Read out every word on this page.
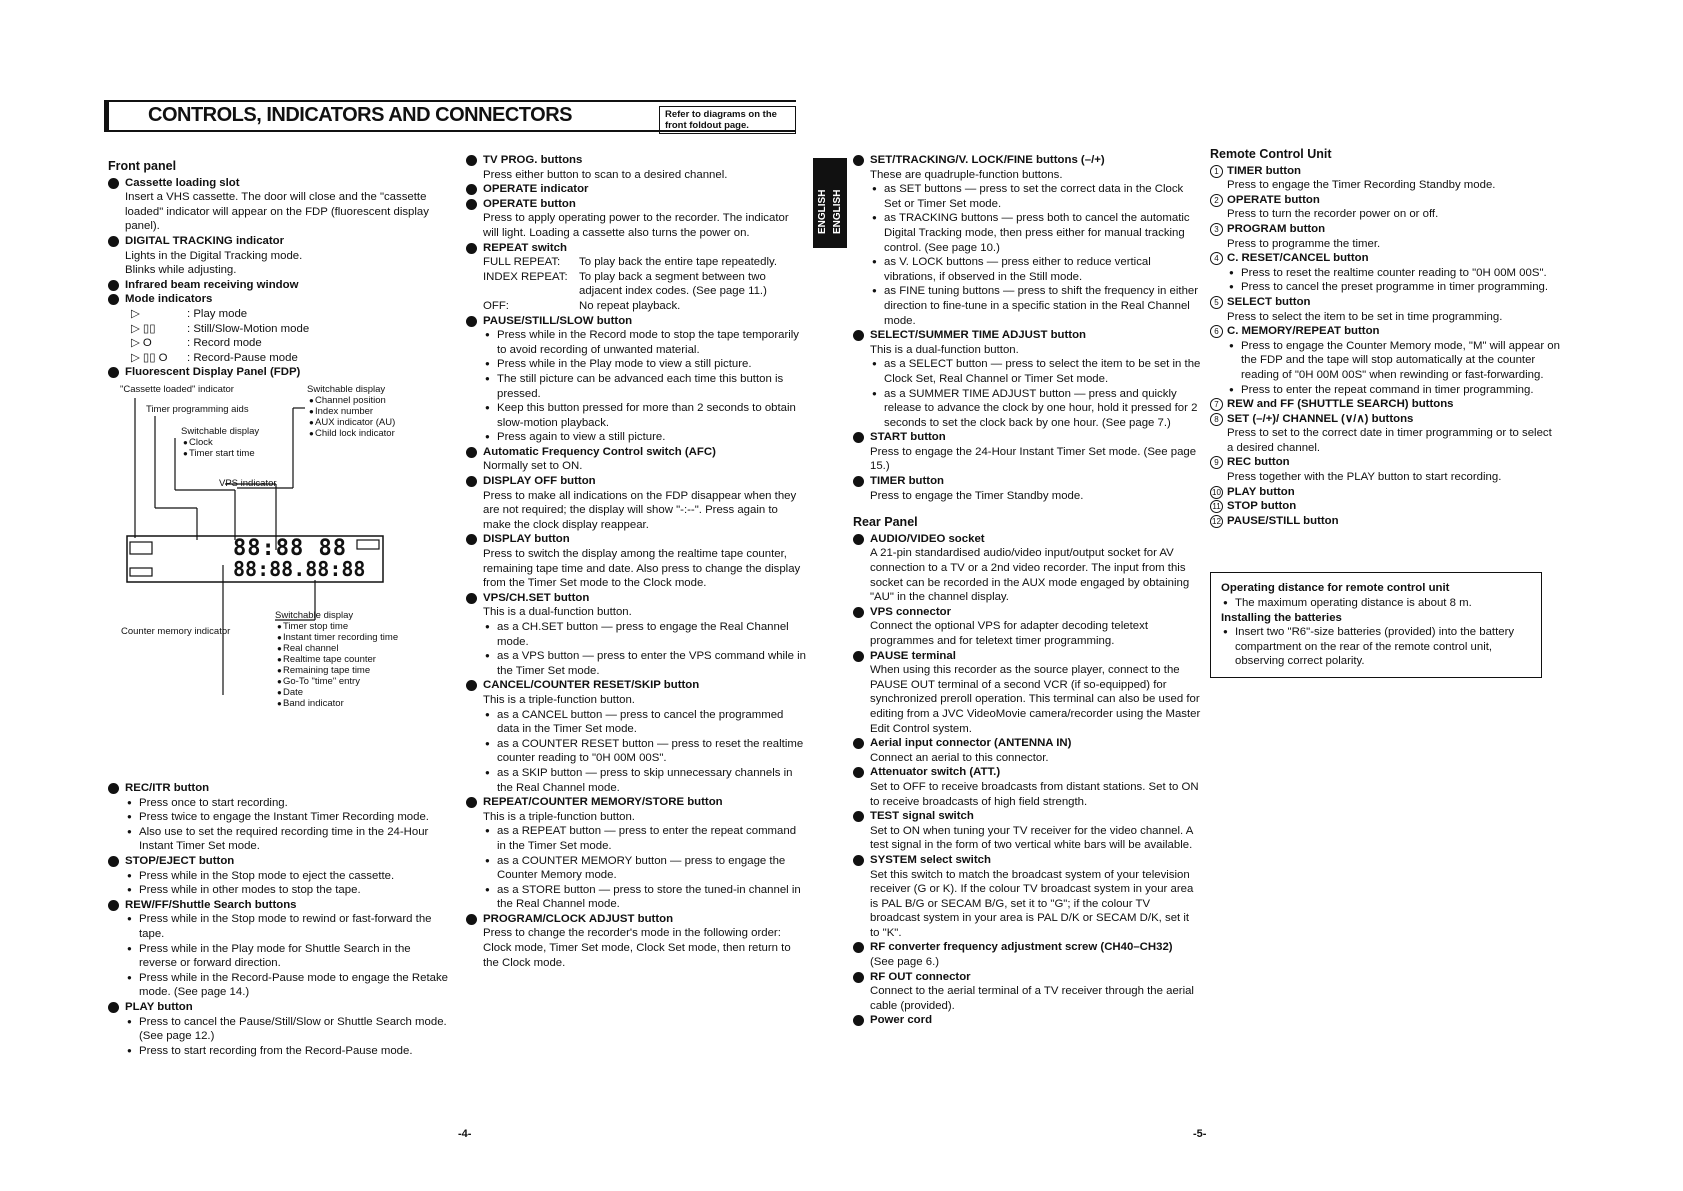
CONTROLS, INDICATORS AND CONNECTORS	Refer to diagrams on the front foldout page.
Front panel
Cassette loading slot
Insert a VHS cassette. The door will close and the "cassette loaded" indicator will appear on the FDP (fluorescent display panel).
DIGITAL TRACKING indicator
Lights in the Digital Tracking mode.
Blinks while adjusting.
Infrared beam receiving window
Mode indicators
▷	: Play mode
▷ ▯▯	: Still/Slow-Motion mode
▷ O	: Record mode
▷ ▯▯ O	: Record-Pause mode
Fluorescent Display Panel (FDP)
"Cassette loaded" indicator
Timer programming aids
Switchable display
● Channel position
● Index number
● AUX indicator (AU)
● Child lock indicator
Switchable display
● Clock
● Timer start time
VPS indicator
88:88 88
88:88.88:88
Counter memory indicator
Switchable display
● Timer stop time
● Instant timer recording time
● Real channel
● Realtime tape counter
● Remaining tape time
● Go-To "time" entry
● Date
● Band indicator
REC/ITR button
● Press once to start recording.
● Press twice to engage the Instant Timer Recording mode.
● Also use to set the required recording time in the 24-Hour Instant Timer Set mode.
STOP/EJECT button
● Press while in the Stop mode to eject the cassette.
● Press while in other modes to stop the tape.
REW/FF/Shuttle Search buttons
● Press while in the Stop mode to rewind or fast-forward the tape.
● Press while in the Play mode for Shuttle Search in the reverse or forward direction.
● Press while in the Record-Pause mode to engage the Retake mode. (See page 14.)
PLAY button
● Press to cancel the Pause/Still/Slow or Shuttle Search mode. (See page 12.)
● Press to start recording from the Record-Pause mode.
TV PROG. buttons
Press either button to scan to a desired channel.
OPERATE indicator
OPERATE button
Press to apply operating power to the recorder. The indicator will light. Loading a cassette also turns the power on.
REPEAT switch
FULL REPEAT:	To play back the entire tape repeatedly.
INDEX REPEAT:	To play back a segment between two adjacent index codes. (See page 11.)
OFF:	No repeat playback.
PAUSE/STILL/SLOW button
● Press while in the Record mode to stop the tape temporarily to avoid recording of unwanted material.
● Press while in the Play mode to view a still picture.
● The still picture can be advanced each time this button is pressed.
● Keep this button pressed for more than 2 seconds to obtain slow-motion playback.
● Press again to view a still picture.
Automatic Frequency Control switch (AFC)
Normally set to ON.
DISPLAY OFF button
Press to make all indications on the FDP disappear when they are not required; the display will show "-:--". Press again to make the clock display reappear.
DISPLAY button
Press to switch the display among the realtime tape counter, remaining tape time and date. Also press to change the display from the Timer Set mode to the Clock mode.
VPS/CH.SET button
This is a dual-function button.
● as a CH.SET button — press to engage the Real Channel mode.
● as a VPS button — press to enter the VPS command while in the Timer Set mode.
CANCEL/COUNTER RESET/SKIP button
This is a triple-function button.
● as a CANCEL button — press to cancel the programmed data in the Timer Set mode.
● as a COUNTER RESET button — press to reset the realtime counter reading to "0H 00M 00S".
● as a SKIP button — press to skip unnecessary channels in the Real Channel mode.
REPEAT/COUNTER MEMORY/STORE button
This is a triple-function button.
● as a REPEAT button — press to enter the repeat command in the Timer Set mode.
● as a COUNTER MEMORY button — press to engage the Counter Memory mode.
● as a STORE button — press to store the tuned-in channel in the Real Channel mode.
PROGRAM/CLOCK ADJUST button
Press to change the recorder's mode in the following order: Clock mode, Timer Set mode, Clock Set mode, then return to the Clock mode.
ENGLISH ENGLISH
SET/TRACKING/V. LOCK/FINE buttons (–/+)
These are quadruple-function buttons.
● as SET buttons — press to set the correct data in the Clock Set or Timer Set mode.
● as TRACKING buttons — press both to cancel the automatic Digital Tracking mode, then press either for manual tracking control. (See page 10.)
● as V. LOCK buttons — press either to reduce vertical vibrations, if observed in the Still mode.
● as FINE tuning buttons — press to shift the frequency in either direction to fine-tune in a specific station in the Real Channel mode.
SELECT/SUMMER TIME ADJUST button
This is a dual-function button.
● as a SELECT button — press to select the item to be set in the Clock Set, Real Channel or Timer Set mode.
● as a SUMMER TIME ADJUST button — press and quickly release to advance the clock by one hour, hold it pressed for 2 seconds to set the clock back by one hour. (See page 7.)
START button
Press to engage the 24-Hour Instant Timer Set mode. (See page 15.)
TIMER button
Press to engage the Timer Standby mode.
Rear Panel
AUDIO/VIDEO socket
A 21-pin standardised audio/video input/output socket for AV connection to a TV or a 2nd video recorder. The input from this socket can be recorded in the AUX mode engaged by obtaining "AU" in the channel display.
VPS connector
Connect the optional VPS for adapter decoding teletext programmes and for teletext timer programming.
PAUSE terminal
When using this recorder as the source player, connect to the PAUSE OUT terminal of a second VCR (if so-equipped) for synchronized preroll operation. This terminal can also be used for editing from a JVC VideoMovie camera/recorder using the Master Edit Control system.
Aerial input connector (ANTENNA IN)
Connect an aerial to this connector.
Attenuator switch (ATT.)
Set to OFF to receive broadcasts from distant stations. Set to ON to receive broadcasts of high field strength.
TEST signal switch
Set to ON when tuning your TV receiver for the video channel. A test signal in the form of two vertical white bars will be available.
SYSTEM select switch
Set this switch to match the broadcast system of your television receiver (G or K). If the colour TV broadcast system in your area is PAL B/G or SECAM B/G, set it to "G"; if the colour TV broadcast system in your area is PAL D/K or SECAM D/K, set it to "K".
RF converter frequency adjustment screw (CH40–CH32)
(See page 6.)
RF OUT connector
Connect to the aerial terminal of a TV receiver through the aerial cable (provided).
Power cord
Remote Control Unit
1 TIMER button
Press to engage the Timer Recording Standby mode.
2 OPERATE button
Press to turn the recorder power on or off.
3 PROGRAM button
Press to programme the timer.
4 C. RESET/CANCEL button
● Press to reset the realtime counter reading to "0H 00M 00S".
● Press to cancel the preset programme in timer programming.
5 SELECT button
Press to select the item to be set in time programming.
6 C. MEMORY/REPEAT button
● Press to engage the Counter Memory mode, "M" will appear on the FDP and the tape will stop automatically at the counter reading of "0H 00M 00S" when rewinding or fast-forwarding.
● Press to enter the repeat command in timer programming.
7 REW and FF (SHUTTLE SEARCH) buttons
8 SET (–/+)/ CHANNEL (∨/∧) buttons
Press to set to the correct date in timer programming or to select a desired channel.
9 REC button
Press together with the PLAY button to start recording.
10 PLAY button
11 STOP button
12 PAUSE/STILL button
Operating distance for remote control unit
● The maximum operating distance is about 8 m.
Installing the batteries
● Insert two "R6"-size batteries (provided) into the battery compartment on the rear of the remote control unit, observing correct polarity.
-4-	-5-
